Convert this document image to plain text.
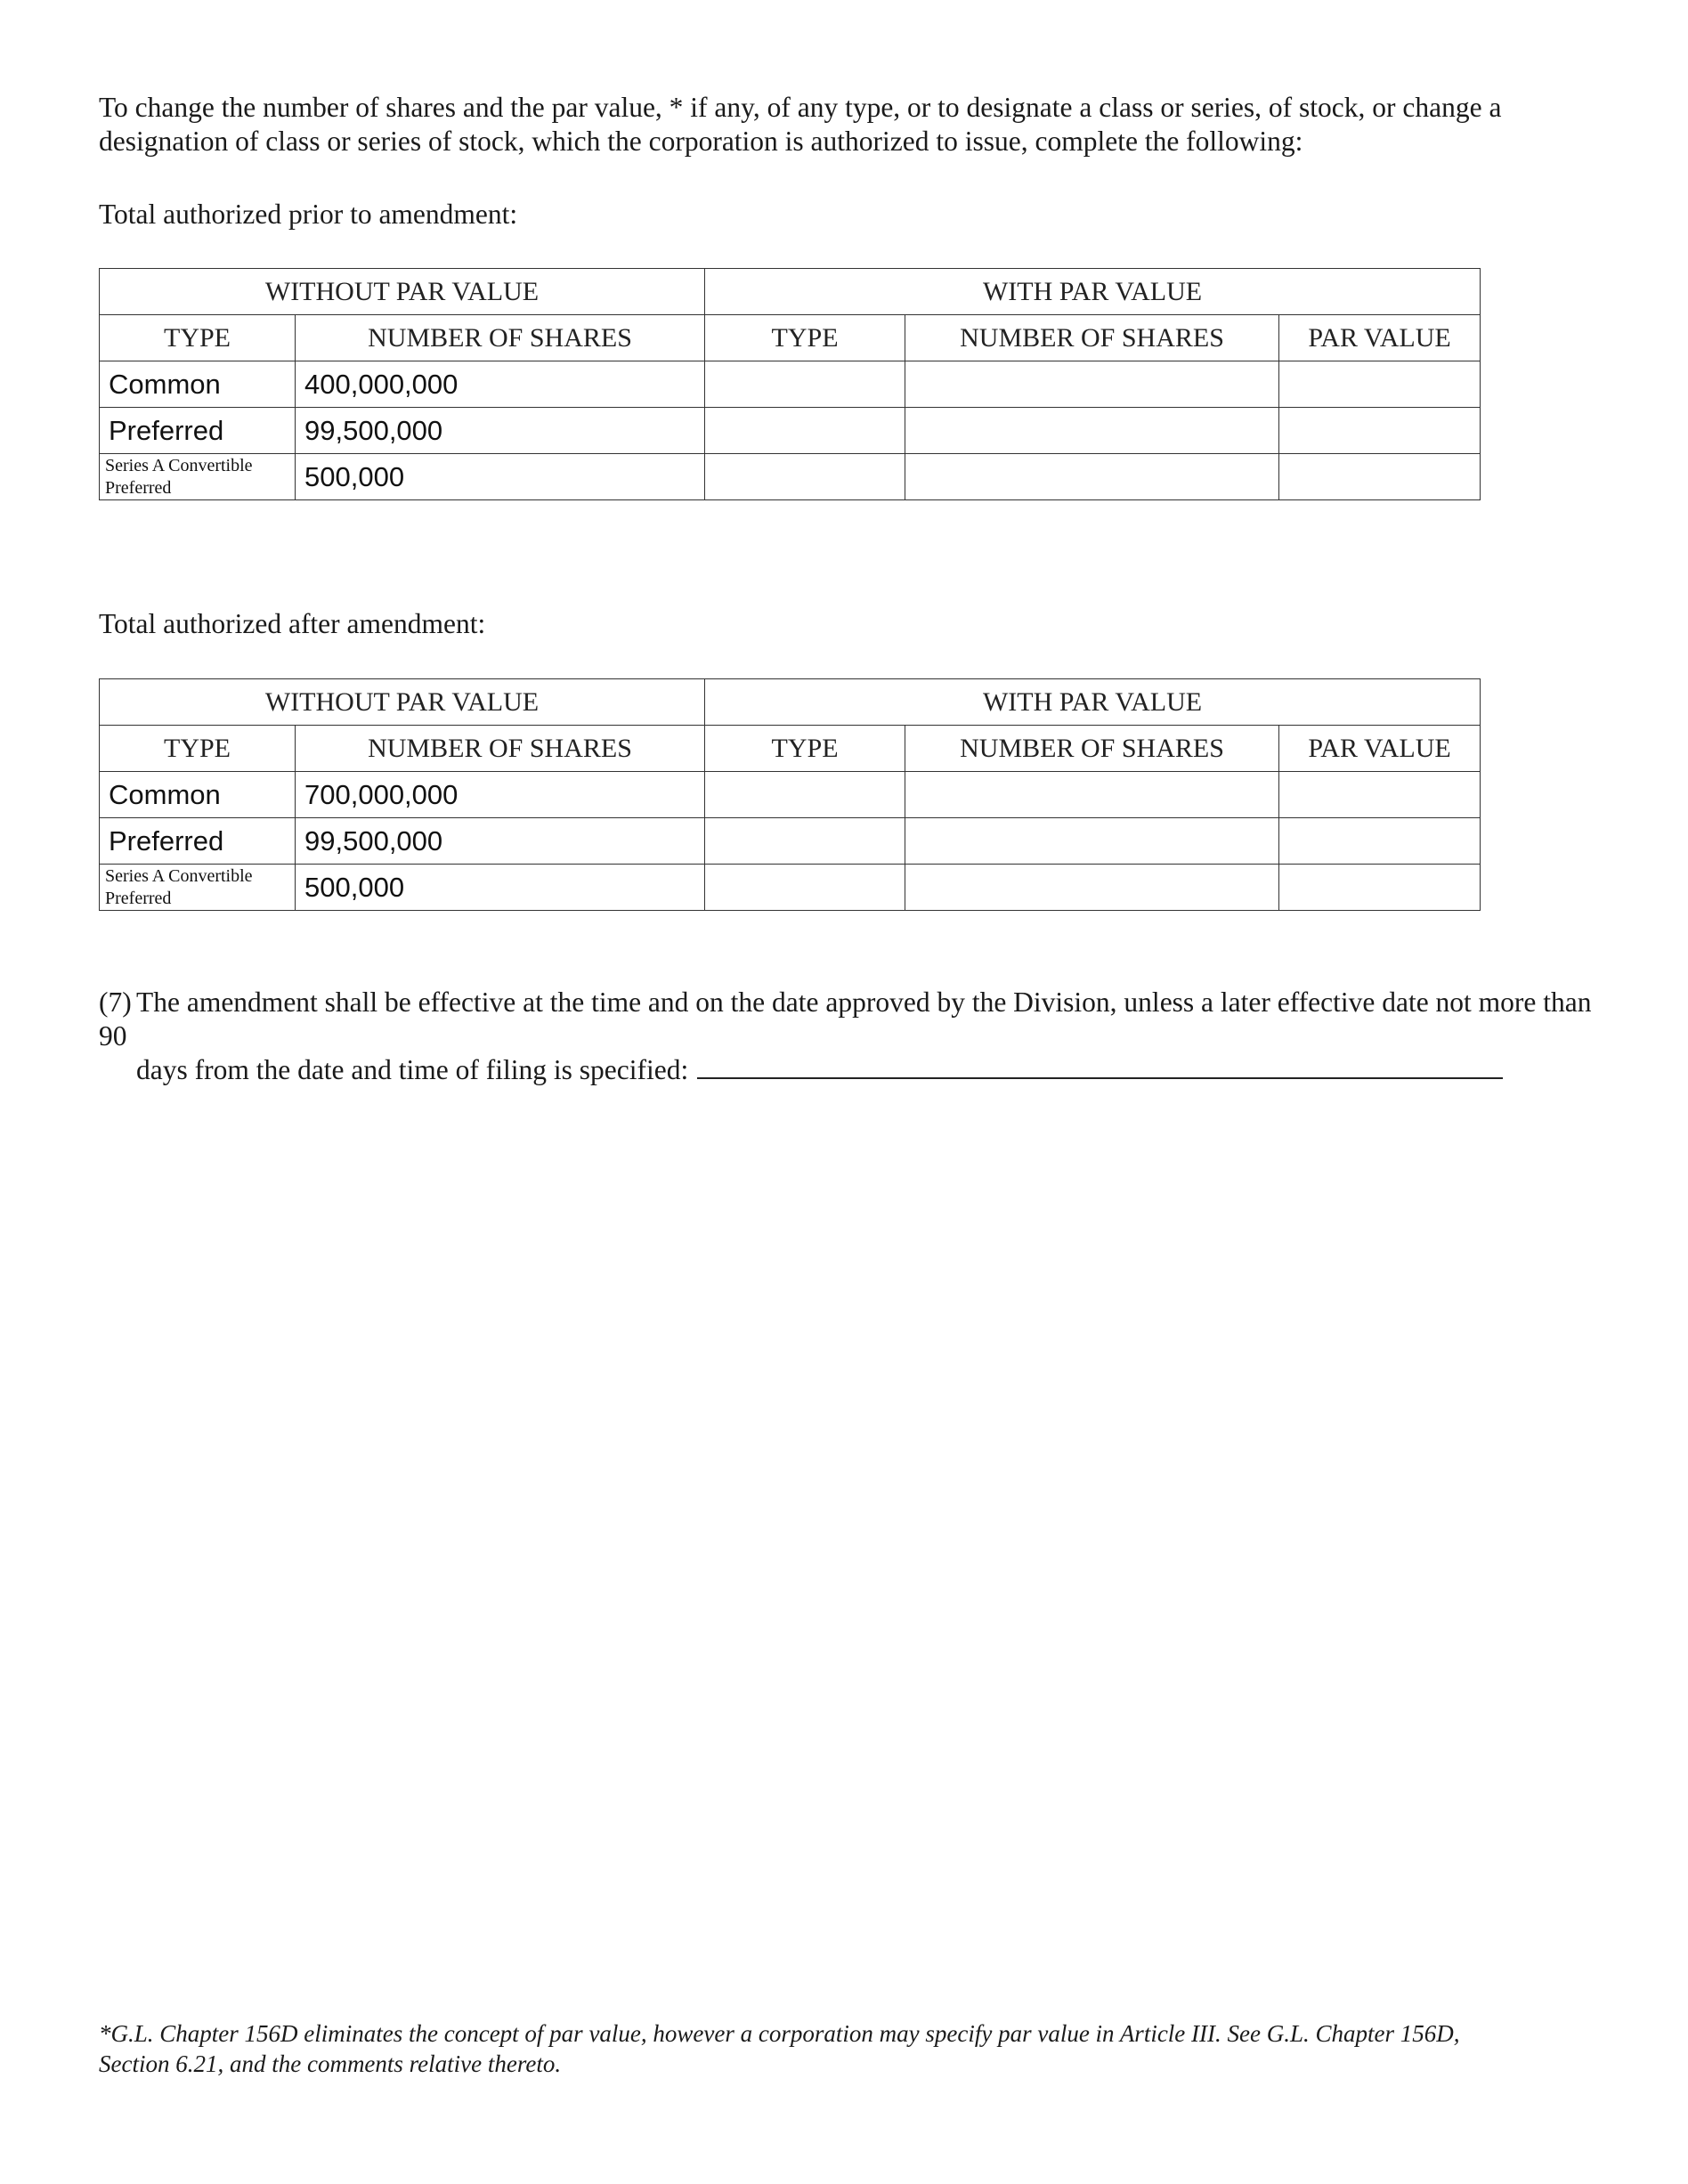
To change the number of shares and the par value, * if any, of any type, or to designate a class or series, of stock, or change a designation of class or series of stock, which the corporation is authorized to issue, complete the following:

Total authorized prior to amendment:

WITHOUT PAR VALUE		WITH PAR VALUE		
TYPE	NUMBER OF SHARES	TYPE	NUMBER OF SHARES	PAR VALUE
Common	400,000,000			
Preferred	99,500,000			
Series A Convertible Preferred	500,000			

Total authorized after amendment:

WITHOUT PAR VALUE		WITH PAR VALUE		
TYPE	NUMBER OF SHARES	TYPE	NUMBER OF SHARES	PAR VALUE
Common	700,000,000			
Preferred	99,500,000			
Series A Convertible Preferred	500,000			

(7) The amendment shall be effective at the time and on the date approved by the Division, unless a later effective date not more than 90
days from the date and time of filing is specified:

*G.L. Chapter 156D eliminates the concept of par value, however a corporation may specify par value in Article III. See G.L. Chapter 156D, Section 6.21, and the comments relative thereto.
